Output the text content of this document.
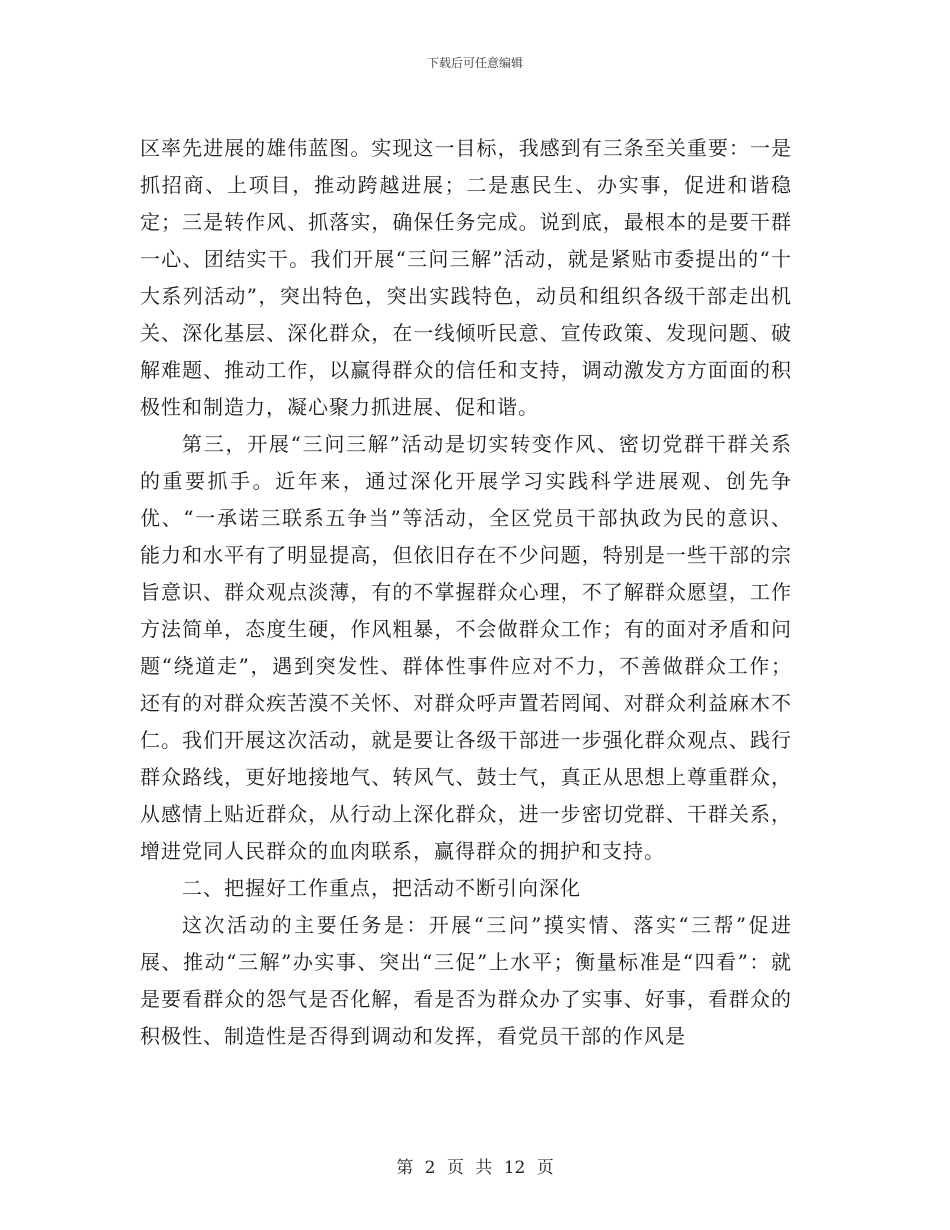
下载后可任意编辑

区率先进展的雄伟蓝图。实现这一目标，我感到有三条至关重要：一是抓招商、上项目，推动跨越进展；二是惠民生、办实事，促进和谐稳定；三是转作风、抓落实，确保任务完成。说到底，最根本的是要干群一心、团结实干。我们开展“三问三解”活动，就是紧贴市委提出的“十大系列活动”，突出特色，突出实践特色，动员和组织各级干部走出机关、深化基层、深化群众，在一线倾听民意、宣传政策、发现问题、破解难题、推动工作，以赢得群众的信任和支持，调动激发方方面面的积极性和制造力，凝心聚力抓进展、促和谐。

第三，开展“三问三解”活动是切实转变作风、密切党群干群关系的重要抓手。近年来，通过深化开展学习实践科学进展观、创先争优、“一承诺三联系五争当”等活动，全区党员干部执政为民的意识、能力和水平有了明显提高，但依旧存在不少问题，特别是一些干部的宗旨意识、群众观点淡薄，有的不掌握群众心理，不了解群众愿望，工作方法简单，态度生硬，作风粗暴，不会做群众工作；有的面对矛盾和问题“绕道走”，遇到突发性、群体性事件应对不力，不善做群众工作；还有的对群众疾苦漠不关怀、对群众呼声置若罔闻、对群众利益麻木不仁。我们开展这次活动，就是要让各级干部进一步强化群众观点、践行群众路线，更好地接地气、转风气、鼓士气，真正从思想上尊重群众，从感情上贴近群众，从行动上深化群众，进一步密切党群、干群关系，增进党同人民群众的血肉联系，赢得群众的拥护和支持。

二、把握好工作重点，把活动不断引向深化

这次活动的主要任务是：开展“三问”摸实情、落实“三帮”促进展、推动“三解”办实事、突出“三促”上水平；衡量标准是“四看”：就是要看群众的怨气是否化解，看是否为群众办了实事、好事，看群众的积极性、制造性是否得到调动和发挥，看党员干部的作风是

第 2 页 共 12 页
